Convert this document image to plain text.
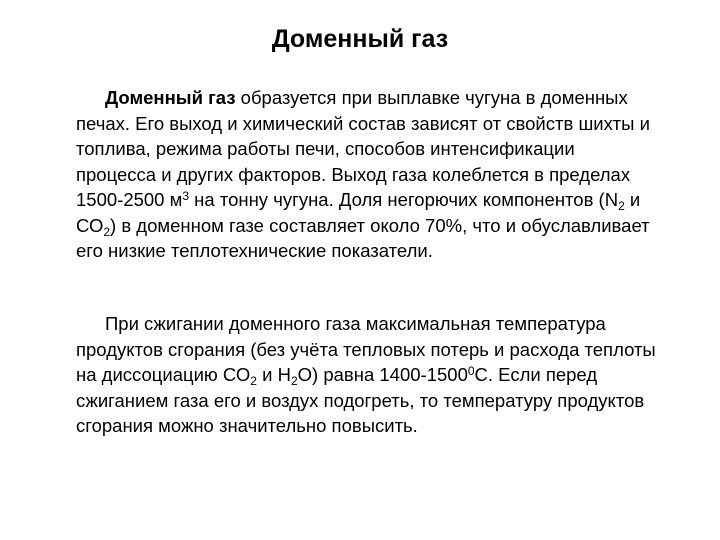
Доменный газ

Доменный газ образуется при выплавке чугуна в доменных печах. Его выход и химический состав зависят от свойств шихты и топлива, режима работы печи, способов интенсификации процесса и других факторов. Выход газа колеблется в пределах 1500-2500 $м^3$ на тонну чугуна. Доля негорючих компонентов ($N_2$ и $СО_2$) в доменном газе составляет около 70%, что и обуславливает его низкие теплотехнические показатели.

При сжигании доменного газа максимальная температура продуктов сгорания (без учёта тепловых потерь и расхода теплоты на диссоциацию $СО_2$ и $Н_2О$) равна 1400-1500$^0$С. Если перед сжиганием газа его и воздух подогреть, то температуру продуктов сгорания можно значительно повысить.
